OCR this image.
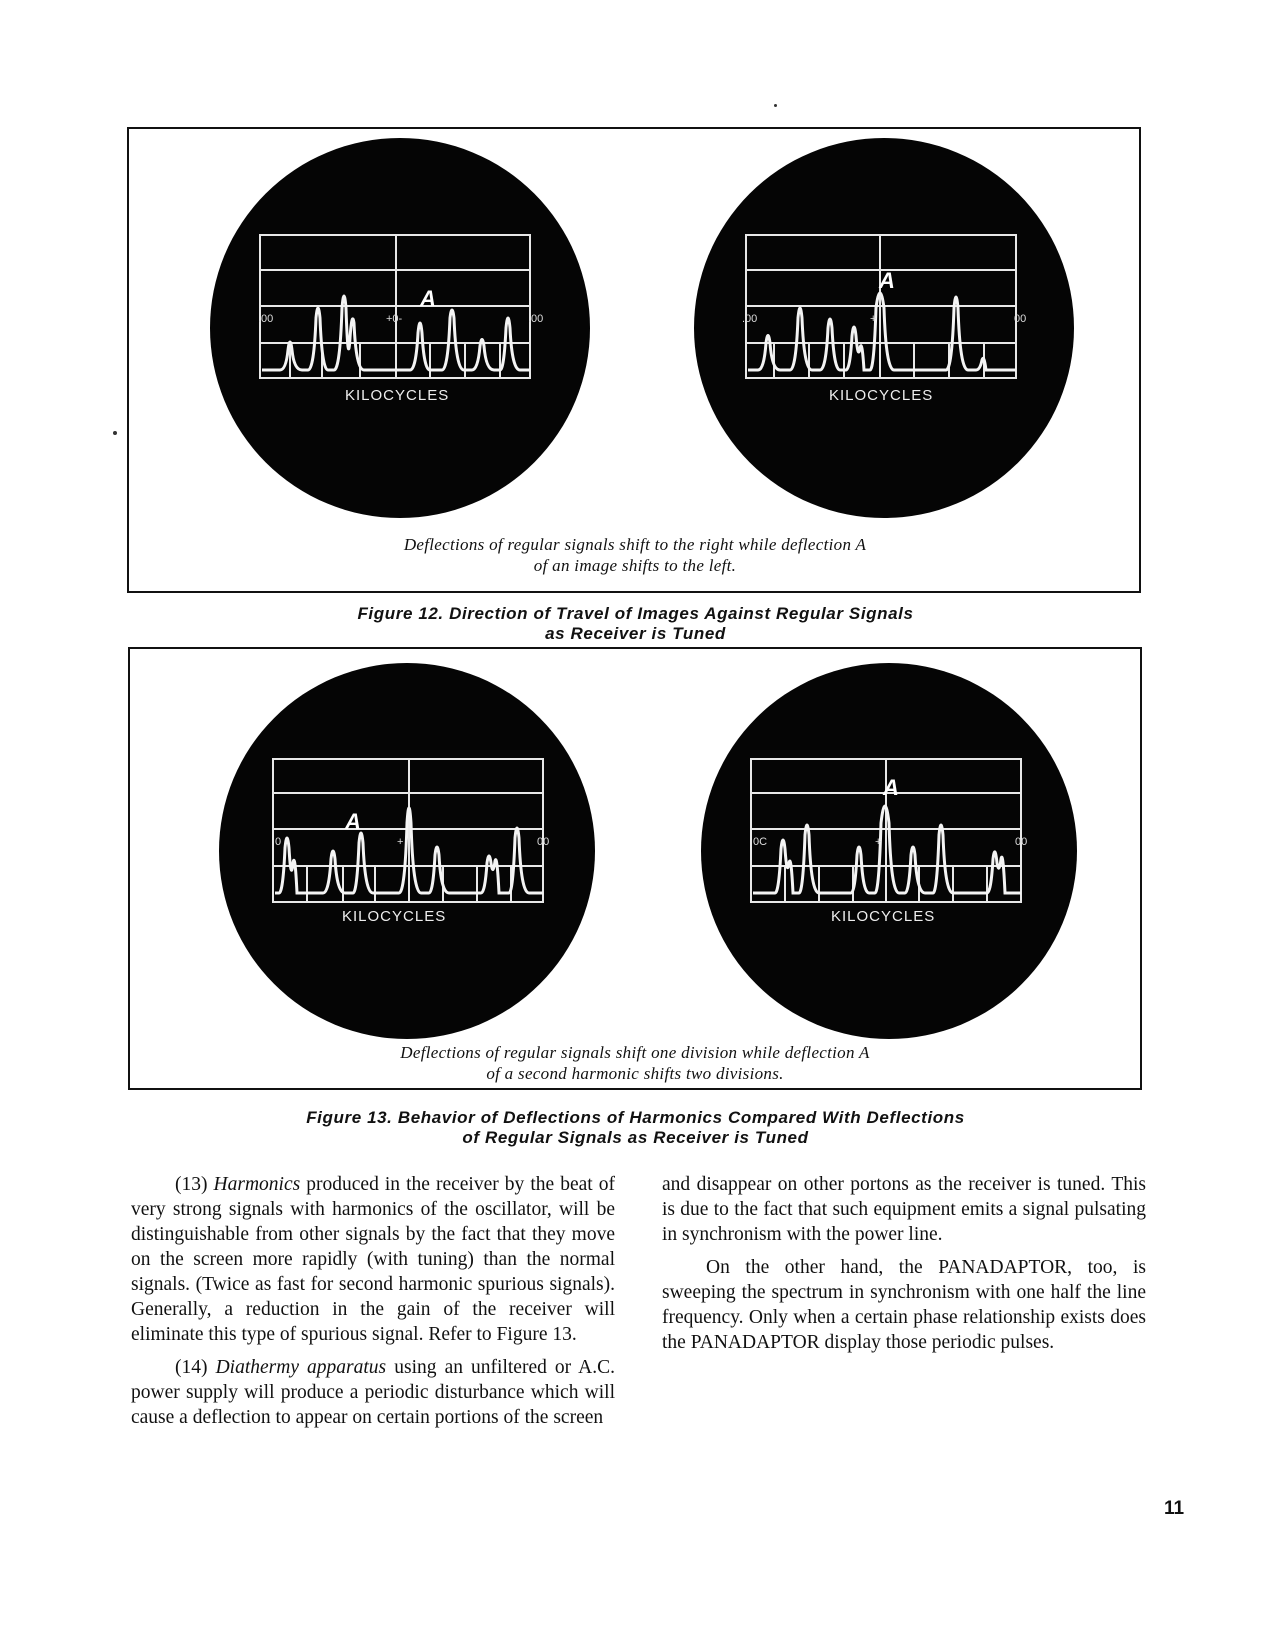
A
.00	+0-	.00
KILOCYCLES
A
.00	+	00
KILOCYCLES
Deflections of regular signals shift to the right while deflection A
of an image shifts to the left.
Figure 12. Direction of Travel of Images Against Regular Signals
as Receiver is Tuned
A
0	+	00
KILOCYCLES
A
0C	+	00
KILOCYCLES
Deflections of regular signals shift one division while deflection A
of a second harmonic shifts two divisions.
Figure 13. Behavior of Deflections of Harmonics Compared With Deflections
of Regular Signals as Receiver is Tuned

(13) Harmonics produced in the receiver by the beat of very strong signals with harmonics of the oscillator, will be distinguishable from other signals by the fact that they move on the screen more rapidly (with tuning) than the normal signals. (Twice as fast for second harmonic spurious signals). Generally, a reduction in the gain of the receiver will eliminate this type of spurious signal. Refer to Figure 13.

(14) Diathermy apparatus using an unfiltered or A.C. power supply will produce a periodic disturbance which will cause a deflection to appear on certain portions of the screen

and disappear on other portons as the receiver is tuned. This is due to the fact that such equipment emits a signal pulsating in synchronism with the power line.

On the other hand, the PANADAPTOR, too, is sweeping the spectrum in synchronism with one half the line frequency. Only when a certain phase relationship exists does the PANADAPTOR display those periodic pulses.

11
